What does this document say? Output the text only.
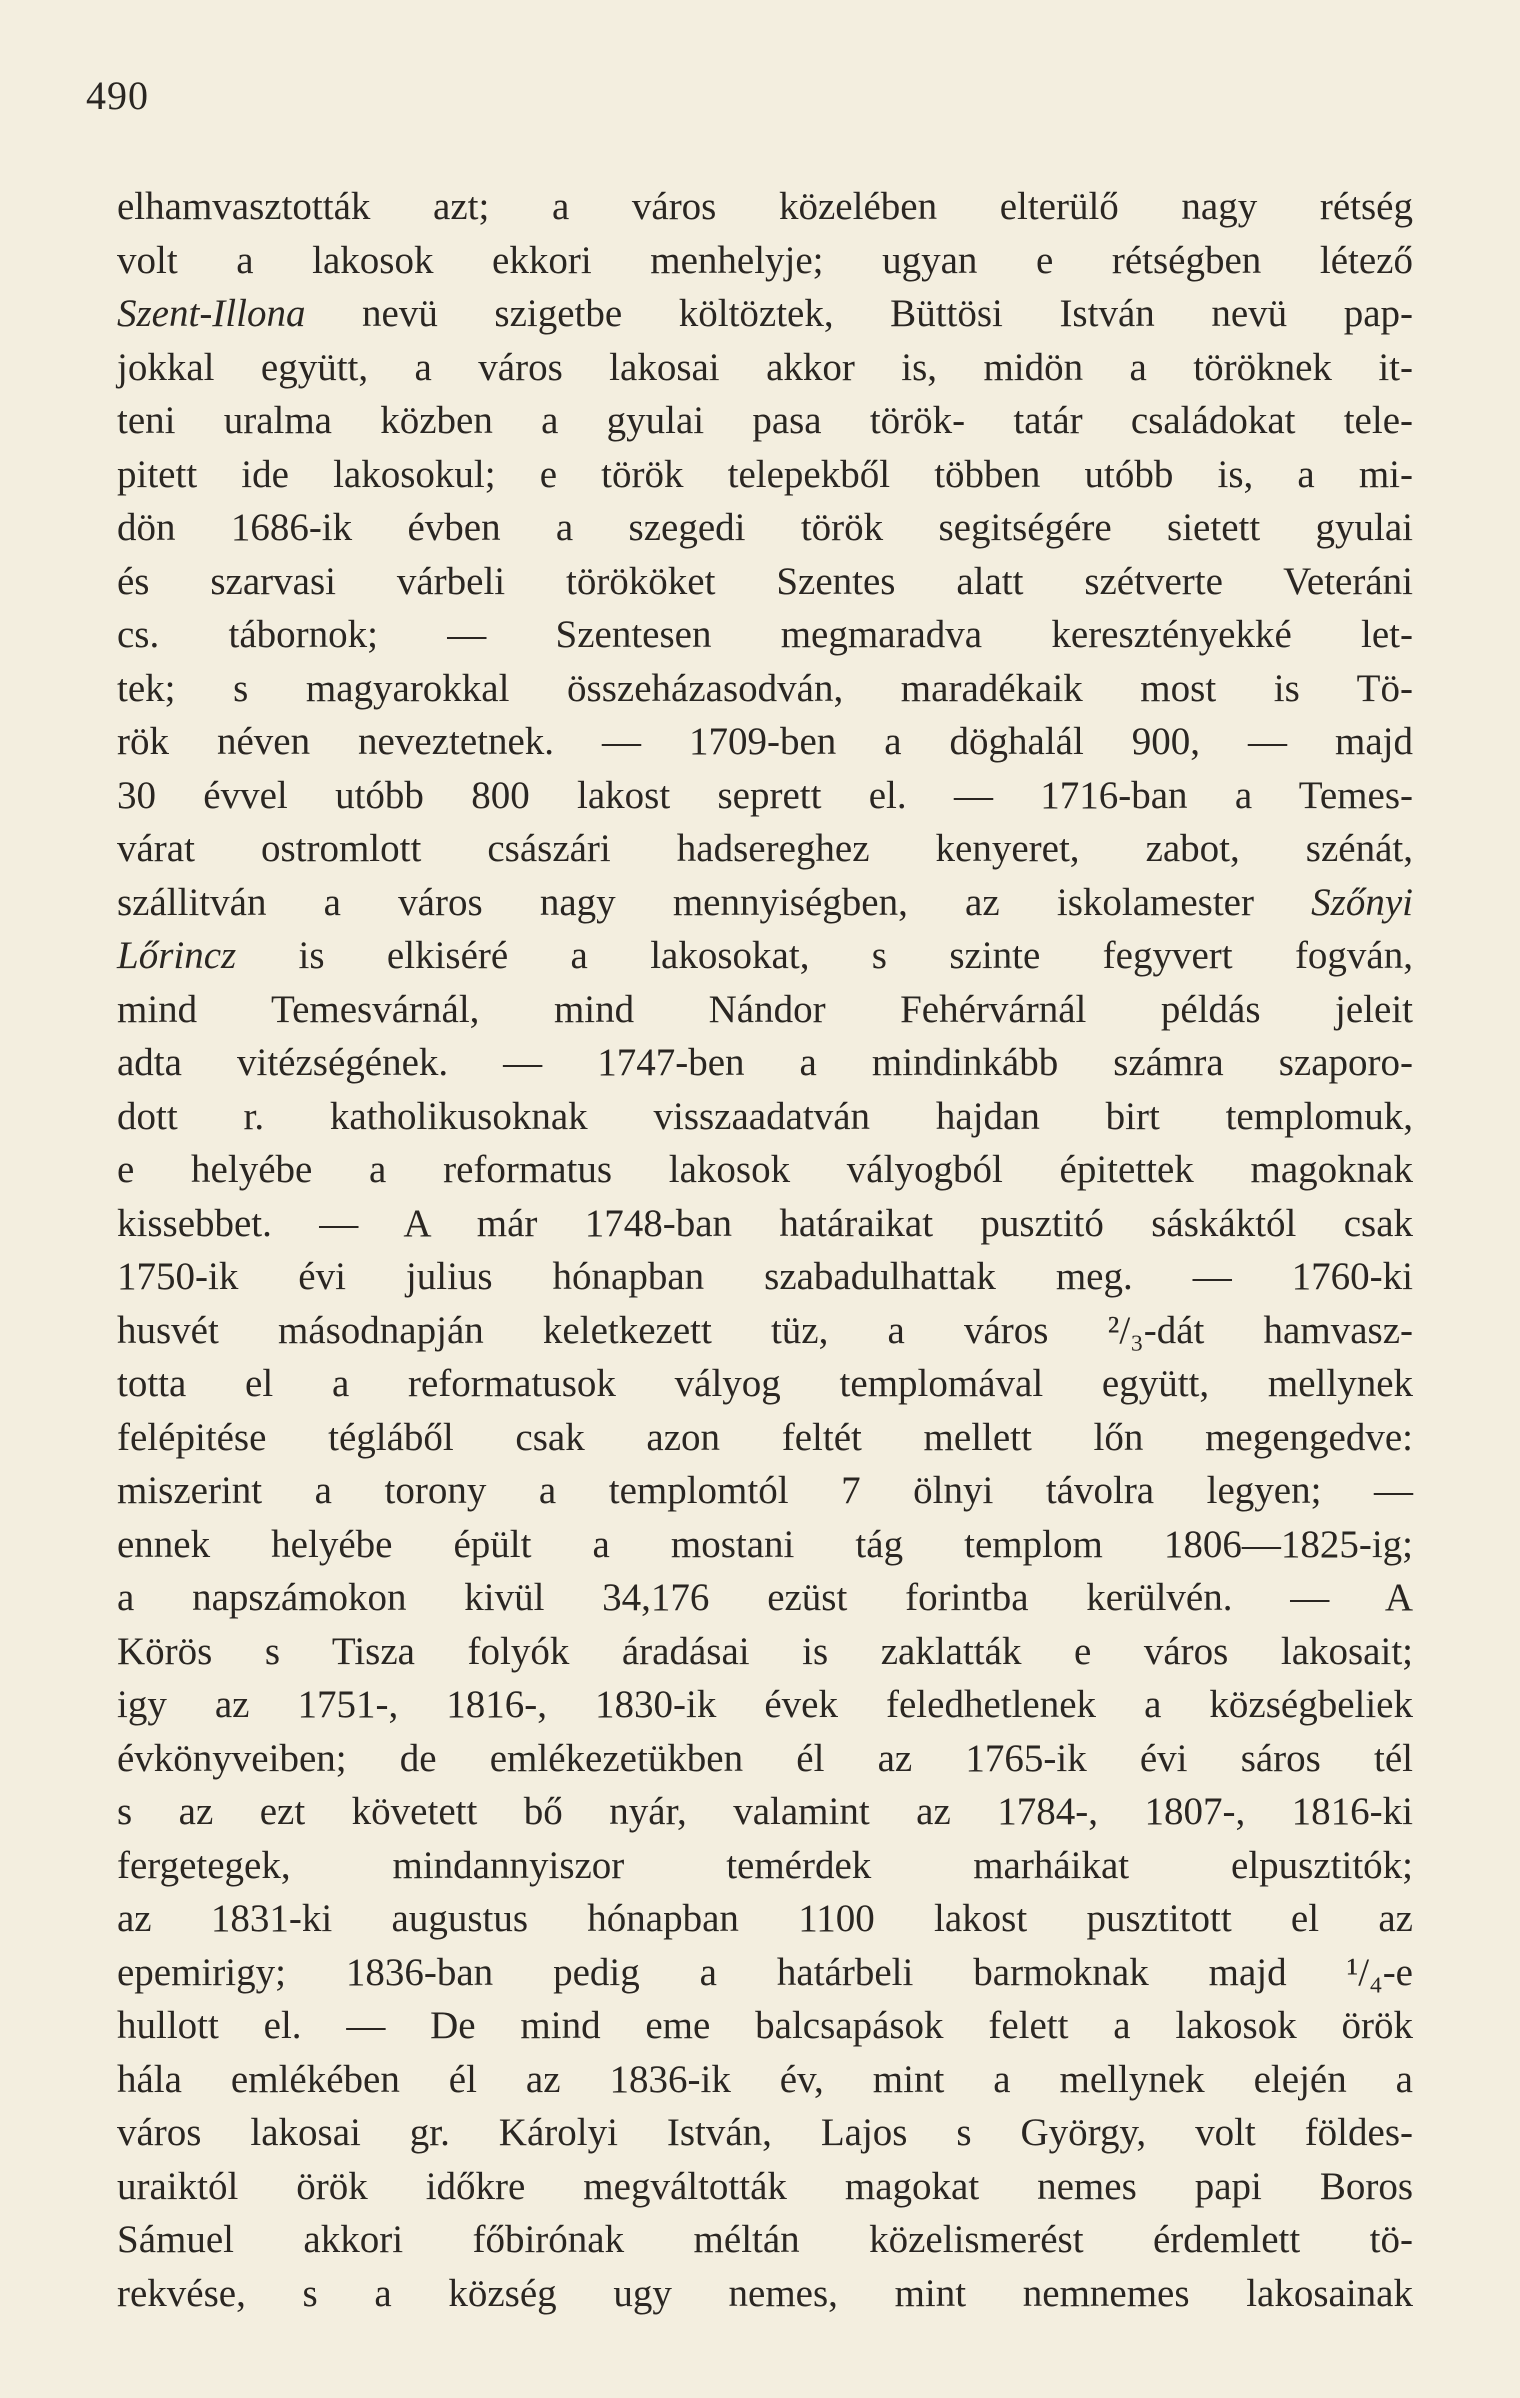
490
elhamvasztották azt; a város közelében elterülő nagy rétség
volt a lakosok ekkori menhelyje; ugyan e rétségben létező
Szent-Illona nevü szigetbe költöztek, Büttösi István nevü pap-
jokkal együtt, a város lakosai akkor is, midön a töröknek it-
teni uralma közben a gyulai pasa török- tatár családokat tele-
pitett ide lakosokul; e török telepekből többen utóbb is, a mi-
dön 1686-ik évben a szegedi török segitségére sietett gyulai
és szarvasi várbeli törököket Szentes alatt szétverte Veteráni
cs. tábornok; — Szentesen megmaradva keresztényekké let-
tek; s magyarokkal összeházasodván, maradékaik most is Tö-
rök néven neveztetnek. — 1709-ben a döghalál 900, — majd
30 évvel utóbb 800 lakost seprett el. — 1716-ban a Temes-
várat ostromlott császári hadsereghez kenyeret, zabot, szénát,
szállitván a város nagy mennyiségben, az iskolamester Szőnyi
Lőrincz is elkiséré a lakosokat, s szinte fegyvert fogván,
mind Temesvárnál, mind Nándor Fehérvárnál példás jeleit
adta vitézségének. — 1747-ben a mindinkább számra szaporo-
dott r. katholikusoknak visszaadatván hajdan birt templomuk,
e helyébe a reformatus lakosok vályogból épitettek magoknak
kissebbet. — A már 1748-ban határaikat pusztitó sáskáktól csak
1750-ik évi julius hónapban szabadulhattak meg. — 1760-ki
husvét másodnapján keletkezett tüz, a város ²/₃-dát hamvasz-
totta el a reformatusok vályog templomával együtt, mellynek
felépitése tégláből csak azon feltét mellett lőn megengedve:
miszerint a torony a templomtól 7 ölnyi távolra legyen; —
ennek helyébe épült a mostani tág templom 1806—1825-ig;
a napszámokon kivül 34,176 ezüst forintba kerülvén. — A
Körös s Tisza folyók áradásai is zaklatták e város lakosait;
igy az 1751-, 1816-, 1830-ik évek feledhetlenek a községbeliek
évkönyveiben; de emlékezetükben él az 1765-ik évi sáros tél
s az ezt követett bő nyár, valamint az 1784-, 1807-, 1816-ki
fergetegek, mindannyiszor temérdek marháikat elpusztitók;
az 1831-ki augustus hónapban 1100 lakost pusztitott el az
epemirigy; 1836-ban pedig a határbeli barmoknak majd ¹/₄-e
hullott el. — De mind eme balcsapások felett a lakosok örök
hála emlékében él az 1836-ik év, mint a mellynek elején a
város lakosai gr. Károlyi István, Lajos s György, volt földes-
uraiktól örök időkre megváltották magokat nemes papi Boros
Sámuel akkori főbirónak méltán közelismerést érdemlett tö-
rekvése, s a község ugy nemes, mint nemnemes lakosainak
